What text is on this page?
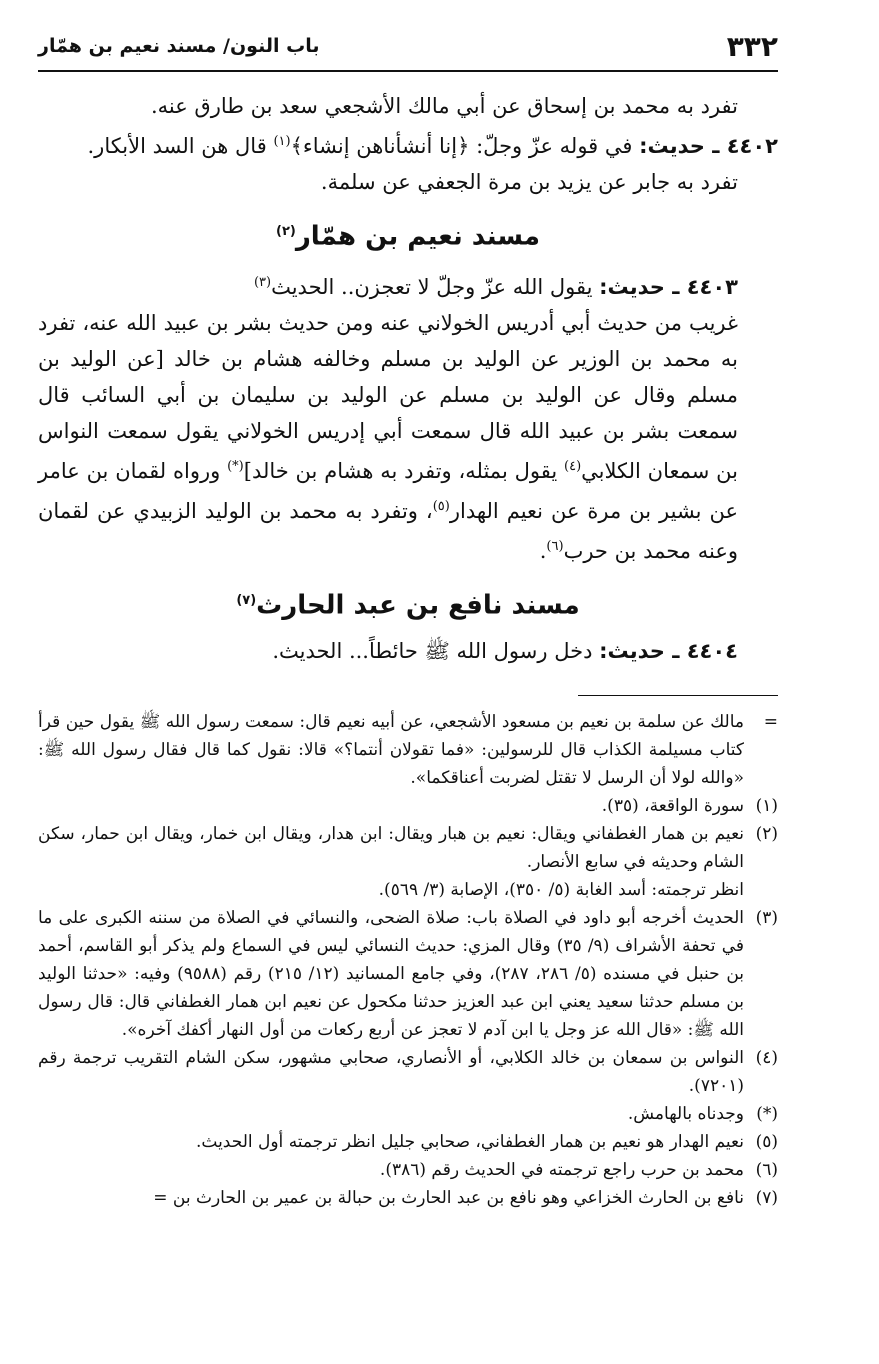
٣٣٢
باب النون/ مسند نعيم بن همّار

تفرد به محمد بن إسحاق عن أبي مالك الأشجعي سعد بن طارق عنه.

٤٤٠٢ ـ حديث: في قوله عزّ وجلّ: ﴿إنا أنشأناهن إنشاء﴾$^{(١)}$ قال هن السد الأبكار.

تفرد به جابر عن يزيد بن مرة الجعفي عن سلمة.

مسند نعيم بن همّار$^{(٢)}$

٤٤٠٣ ـ حديث: يقول الله عزّ وجلّ لا تعجزن.. الحديث$^{(٣)}$

غريب من حديث أبي أدريس الخولاني عنه ومن حديث بشر بن عبيد الله عنه، تفرد به محمد بن الوزير عن الوليد بن مسلم وخالفه هشام بن خالد [عن الوليد بن مسلم وقال عن الوليد بن مسلم عن الوليد بن سليمان بن أبي السائب قال سمعت بشر بن عبيد الله قال سمعت أبي إدريس الخولاني يقول سمعت النواس بن سمعان الكلابي$^{(٤)}$ يقول بمثله، وتفرد به هشام بن خالد](*) ورواه لقمان بن عامر عن بشير بن مرة عن نعيم الهدار$^{(٥)}$، وتفرد به محمد بن الوليد الزبيدي عن لقمان وعنه محمد بن حرب$^{(٦)}$.

مسند نافع بن عبد الحارث$^{(٧)}$

٤٤٠٤ ـ حديث: دخل رسول الله ﷺ حائطاً... الحديث.

=

مالك عن سلمة بن نعيم بن مسعود الأشجعي، عن أبيه نعيم قال: سمعت رسول الله ﷺ يقول حين قرأ كتاب مسيلمة الكذاب قال للرسولين: «فما تقولان أنتما؟» قالا: نقول كما قال فقال رسول الله ﷺ: «والله لولا أن الرسل لا تقتل لضربت أعناقكما».

(١)

سورة الواقعة، (٣٥).

(٢)

نعيم بن همار الغطفاني ويقال: نعيم بن هبار ويقال: ابن هدار، ويقال ابن خمار، ويقال ابن حمار، سكن الشام وحديثه في سابع الأنصار.

انظر ترجمته: أسد الغابة (٥/ ٣٥٠)، الإصابة (٣/ ٥٦٩).

(٣)

الحديث أخرجه أبو داود في الصلاة باب: صلاة الضحى، والنسائي في الصلاة من سننه الكبرى على ما في تحفة الأشراف (٩/ ٣٥) وقال المزي: حديث النسائي ليس في السماع ولم يذكر أبو القاسم، أحمد بن حنبل في مسنده (٥/ ٢٨٦، ٢٨٧)، وفي جامع المسانيد (١٢/ ٢١٥) رقم (٩٥٨٨) وفيه: «حدثنا الوليد بن مسلم حدثنا سعيد يعني ابن عبد العزيز حدثنا مكحول عن نعيم ابن همار الغطفاني قال: قال رسول الله ﷺ: «قال الله عز وجل يا ابن آدم لا تعجز عن أربع ركعات من أول النهار أكفك آخره».

(٤)

النواس بن سمعان بن خالد الكلابي، أو الأنصاري، صحابي مشهور، سكن الشام التقريب ترجمة رقم (٧٢٠١).

(*)

وجدناه بالهامش.

(٥)

نعيم الهدار هو نعيم بن همار الغطفاني، صحابي جليل انظر ترجمته أول الحديث.

(٦)

محمد بن حرب راجع ترجمته في الحديث رقم (٣٨٦).

(٧)

نافع بن الحارث الخزاعي وهو نافع بن عبد الحارث بن حبالة بن عمير بن الحارث بن =
